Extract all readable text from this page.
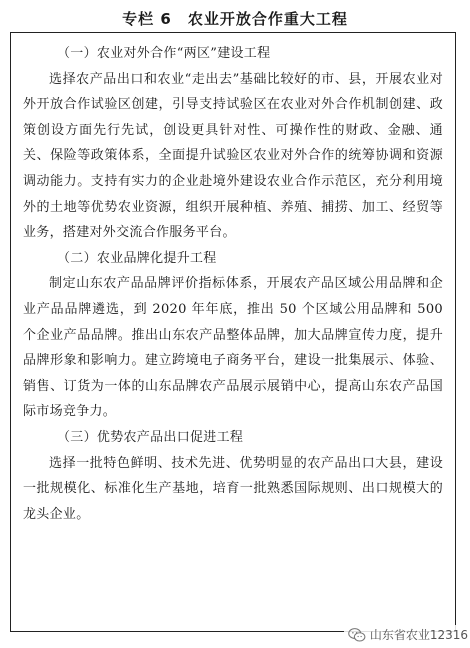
专栏 6　农业开放合作重大工程

（一）农业对外合作“两区”建设工程

选择农产品出口和农业“走出去”基础比较好的市、县，开展农业对外开放合作试验区创建，引导支持试验区在农业对外合作机制创建、政策创设方面先行先试，创设更具针对性、可操作性的财政、金融、通关、保险等政策体系，全面提升试验区农业对外合作的统筹协调和资源调动能力。支持有实力的企业赴境外建设农业合作示范区，充分利用境外的土地等优势农业资源，组织开展种植、养殖、捕捞、加工、经贸等业务，搭建对外交流合作服务平台。

（二）农业品牌化提升工程

制定山东农产品品牌评价指标体系，开展农产品区域公用品牌和企业产品品牌遴选，到 2020 年年底，推出 50 个区域公用品牌和 500 个企业产品品牌。推出山东农产品整体品牌，加大品牌宣传力度，提升品牌形象和影响力。建立跨境电子商务平台，建设一批集展示、体验、销售、订货为一体的山东品牌农产品展示展销中心，提高山东农产品国际市场竞争力。

（三）优势农产品出口促进工程

选择一批特色鲜明、技术先进、优势明显的农产品出口大县，建设一批规模化、标准化生产基地，培育一批熟悉国际规则、出口规模大的龙头企业。

山东省农业12316
